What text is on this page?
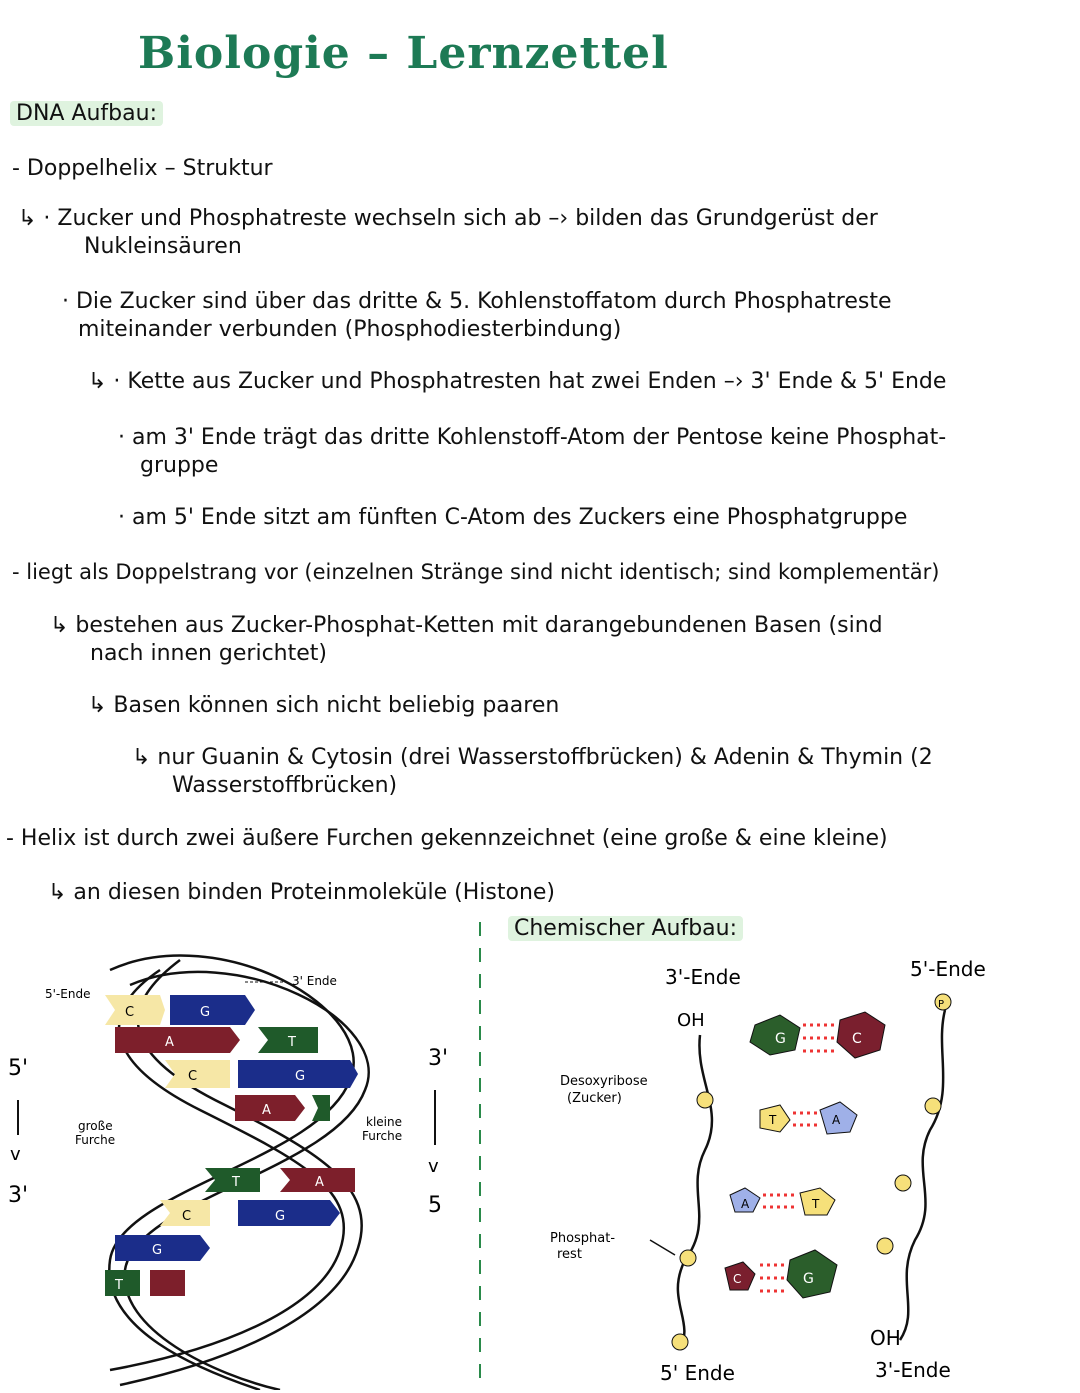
Biologie – Lernzettel
DNA Aufbau:
- Doppelhelix – Struktur
↳ · Zucker und Phosphatreste wechseln sich ab –› bilden das Grundgerüst der
Nukleinsäuren
· Die Zucker sind über das dritte & 5. Kohlenstoffatom durch Phosphatreste
miteinander verbunden (Phosphodiesterbindung)
↳ · Kette aus Zucker und Phosphatresten hat zwei Enden –› 3' Ende & 5' Ende
· am 3' Ende trägt das dritte Kohlenstoff-Atom der Pentose keine Phosphat-
gruppe
· am 5' Ende sitzt am fünften C-Atom des Zuckers eine Phosphatgruppe
- liegt als Doppelstrang vor (einzelnen Stränge sind nicht identisch; sind komplementär)
↳ bestehen aus Zucker-Phosphat-Ketten mit darangebundenen Basen (sind
nach innen gerichtet)
↳ Basen können sich nicht beliebig paaren
↳ nur Guanin & Cytosin (drei Wasserstoffbrücken) & Adenin & Thymin (2
Wasserstoffbrücken)
- Helix ist durch zwei äußere Furchen gekennzeichnet (eine große & eine kleine)
↳ an diesen binden Proteinmoleküle (Histone)
C	G
A	T
C	G
A
T	A
C	G
G
T
5'-Ende
3' Ende
5'
v
3'
große
Furche
kleine
Furche
3'
v
5
Chemischer Aufbau:
3'-Ende	5'-Ende
OH
Desoxyribose
(Zucker)
Phosphat-
rest
P
G	C
T	A
A	T
C	G
OH
5' Ende	3'-Ende
